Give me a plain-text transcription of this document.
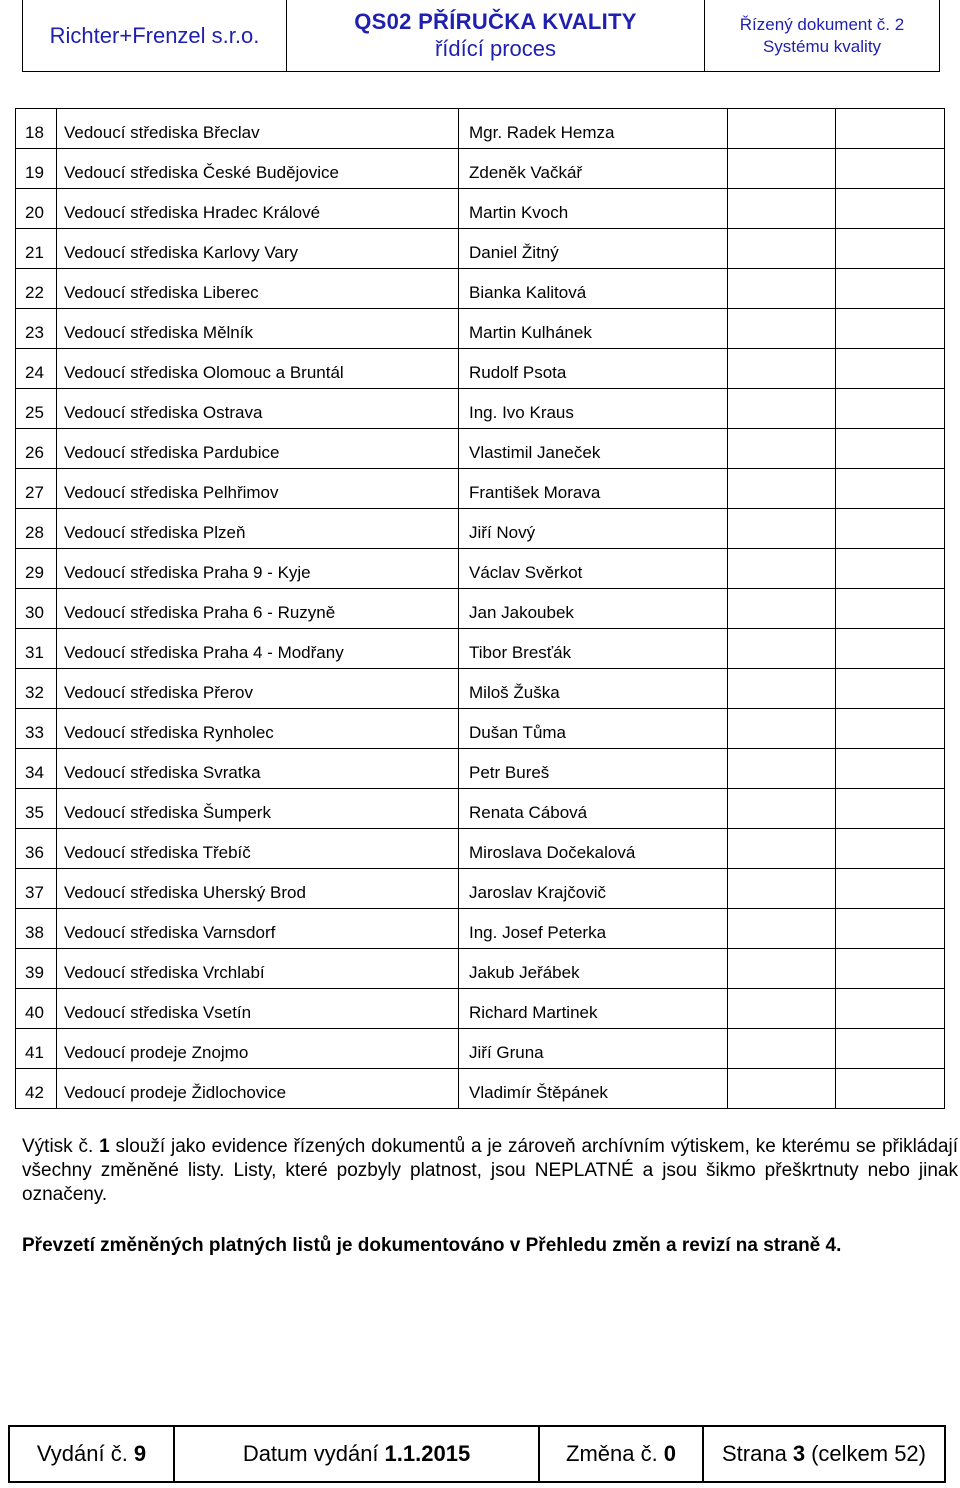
Richter+Frenzel s.r.o.
QS02 PŘÍRUČKA KVALITY
řídící proces
Řízený dokument č. 2
Systému kvality
18	Vedoucí střediska Břeclav	Mgr. Radek Hemza		

19	Vedoucí střediska České Budějovice	Zdeněk Vačkář		

20	Vedoucí střediska Hradec Králové	Martin Kvoch		

21	Vedoucí střediska Karlovy Vary	Daniel Žitný		

22	Vedoucí střediska Liberec	Bianka Kalitová		

23	Vedoucí střediska Mělník	Martin Kulhánek		

24	Vedoucí střediska Olomouc a Bruntál	Rudolf Psota		

25	Vedoucí střediska Ostrava	Ing. Ivo Kraus		

26	Vedoucí střediska Pardubice	Vlastimil Janeček		

27	Vedoucí střediska Pelhřimov	František Morava		

28	Vedoucí střediska Plzeň	Jiří Nový		

29	Vedoucí střediska Praha 9 - Kyje	Václav Svěrkot		

30	Vedoucí střediska Praha 6 - Ruzyně	Jan Jakoubek		

31	Vedoucí střediska Praha 4 - Modřany	Tibor Bresťák		

32	Vedoucí střediska Přerov	Miloš Žuška		

33	Vedoucí střediska Rynholec	Dušan Tůma		

34	Vedoucí střediska Svratka	Petr Bureš		

35	Vedoucí střediska Šumperk	Renata Cábová		

36	Vedoucí střediska Třebíč	Miroslava Dočekalová		

37	Vedoucí střediska Uherský Brod	Jaroslav Krajčovič		

38	Vedoucí střediska Varnsdorf	Ing. Josef Peterka		

39	Vedoucí střediska Vrchlabí	Jakub Jeřábek		

40	Vedoucí střediska Vsetín	Richard Martinek		

41	Vedoucí prodeje Znojmo	Jiří Gruna		

42	Vedoucí prodeje Židlochovice	Vladimír Štěpánek		

Výtisk č. 1 slouží jako evidence řízených dokumentů a je zároveň archívním výtiskem, ke kterému se přikládají všechny změněné listy. Listy, které pozbyly platnost, jsou NEPLATNÉ a jsou šikmo přeškrtnuty nebo jinak označeny.

Převzetí změněných platných listů je dokumentováno v Přehledu změn a revizí na straně 4.
Vydání č. 9	Datum vydání 1.1.2015	Změna č. 0 Strana 3 (celkem 52)
